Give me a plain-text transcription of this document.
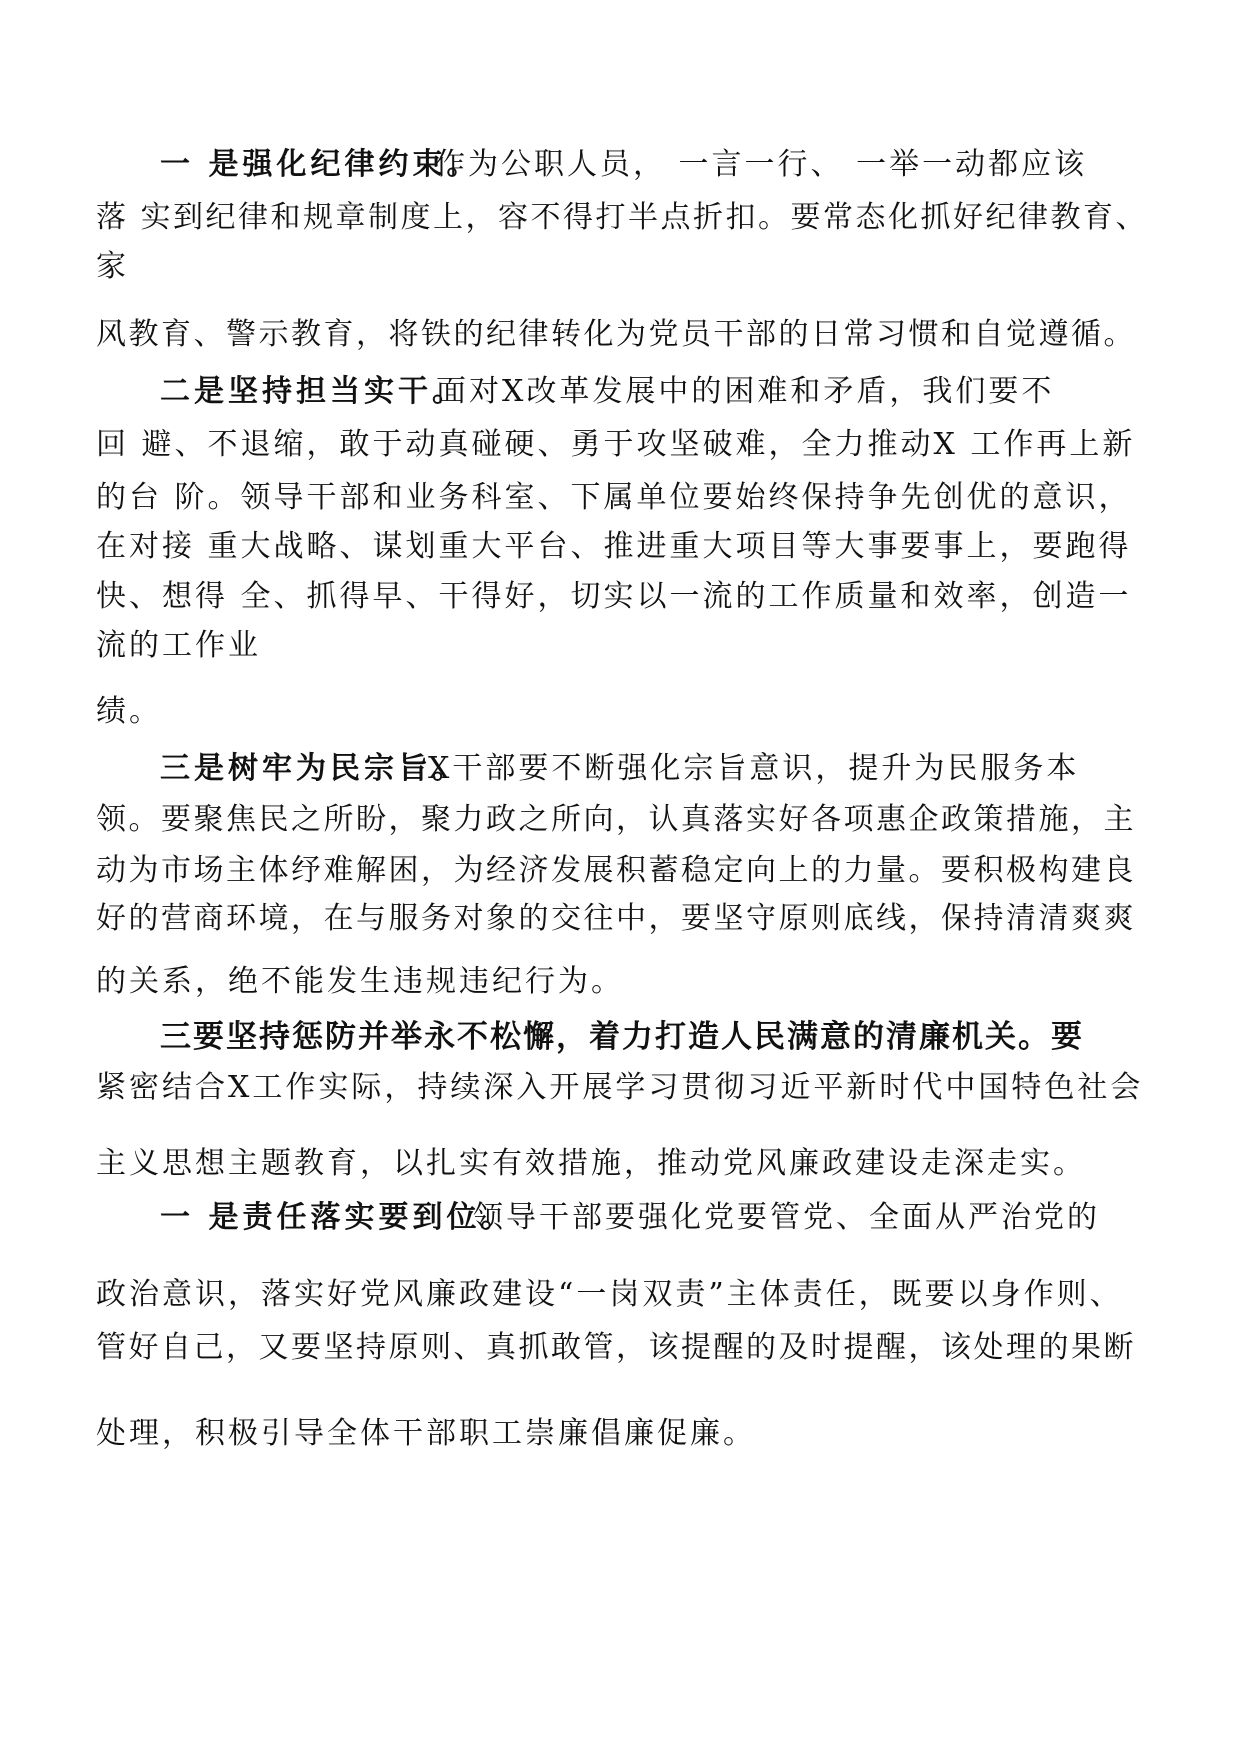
一 是强化纪律约束。
作为公职人员， 一言一行、 一举一动都应该
落 实到纪律和规章制度上，容不得打半点折扣。要常态化抓好纪律教育、
家
风教育、警示教育，将铁的纪律转化为党员干部的日常习惯和自觉遵循。
二是坚持担当实干。
面对X改革发展中的困难和矛盾，我们要不
回 避、不退缩，敢于动真碰硬、勇于攻坚破难，全力推动X 工作再上新
的台 阶。领导干部和业务科室、下属单位要始终保持争先创优的意识，
在对接 重大战略、谋划重大平台、推进重大项目等大事要事上，要跑得
快、想得 全、抓得早、干得好，切实以一流的工作质量和效率，创造一
流的工作业
绩。
三是树牢为民宗旨。
X干部要不断强化宗旨意识，提升为民服务本
领。要聚焦民之所盼，聚力政之所向，认真落实好各项惠企政策措施，主
动为市场主体纾难解困，为经济发展积蓄稳定向上的力量。要积极构建良
好的营商环境，在与服务对象的交往中，要坚守原则底线，保持清清爽爽
的关系，绝不能发生违规违纪行为。
三要坚持惩防并举永不松懈，着力打造人民满意的清廉机关。要
紧密结合X工作实际，持续深入开展学习贯彻习近平新时代中国特色社会
主义思想主题教育，以扎实有效措施，推动党风廉政建设走深走实。
一 是责任落实要到位。
领导干部要强化党要管党、全面从严治党的
政治意识，落实好党风廉政建设“一岗双责”主体责任，既要以身作则、
管好自己，又要坚持原则、真抓敢管，该提醒的及时提醒，该处理的果断
处理，积极引导全体干部职工崇廉倡廉促廉。
